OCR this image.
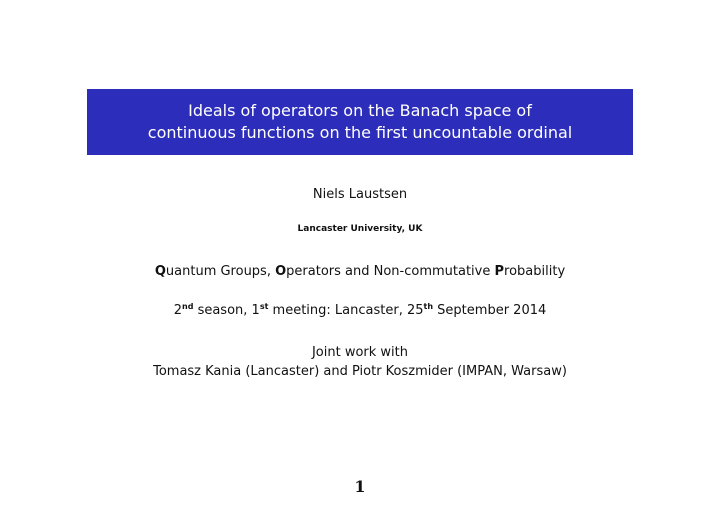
Ideals of operators on the Banach space of
continuous functions on the first uncountable ordinal
Niels Laustsen
Lancaster University, UK
Quantum Groups, Operators and Non-commutative Probability
2nd season, 1st meeting: Lancaster, 25th September 2014
Joint work with
Tomasz Kania (Lancaster) and Piotr Koszmider (IMPAN, Warsaw)
1
